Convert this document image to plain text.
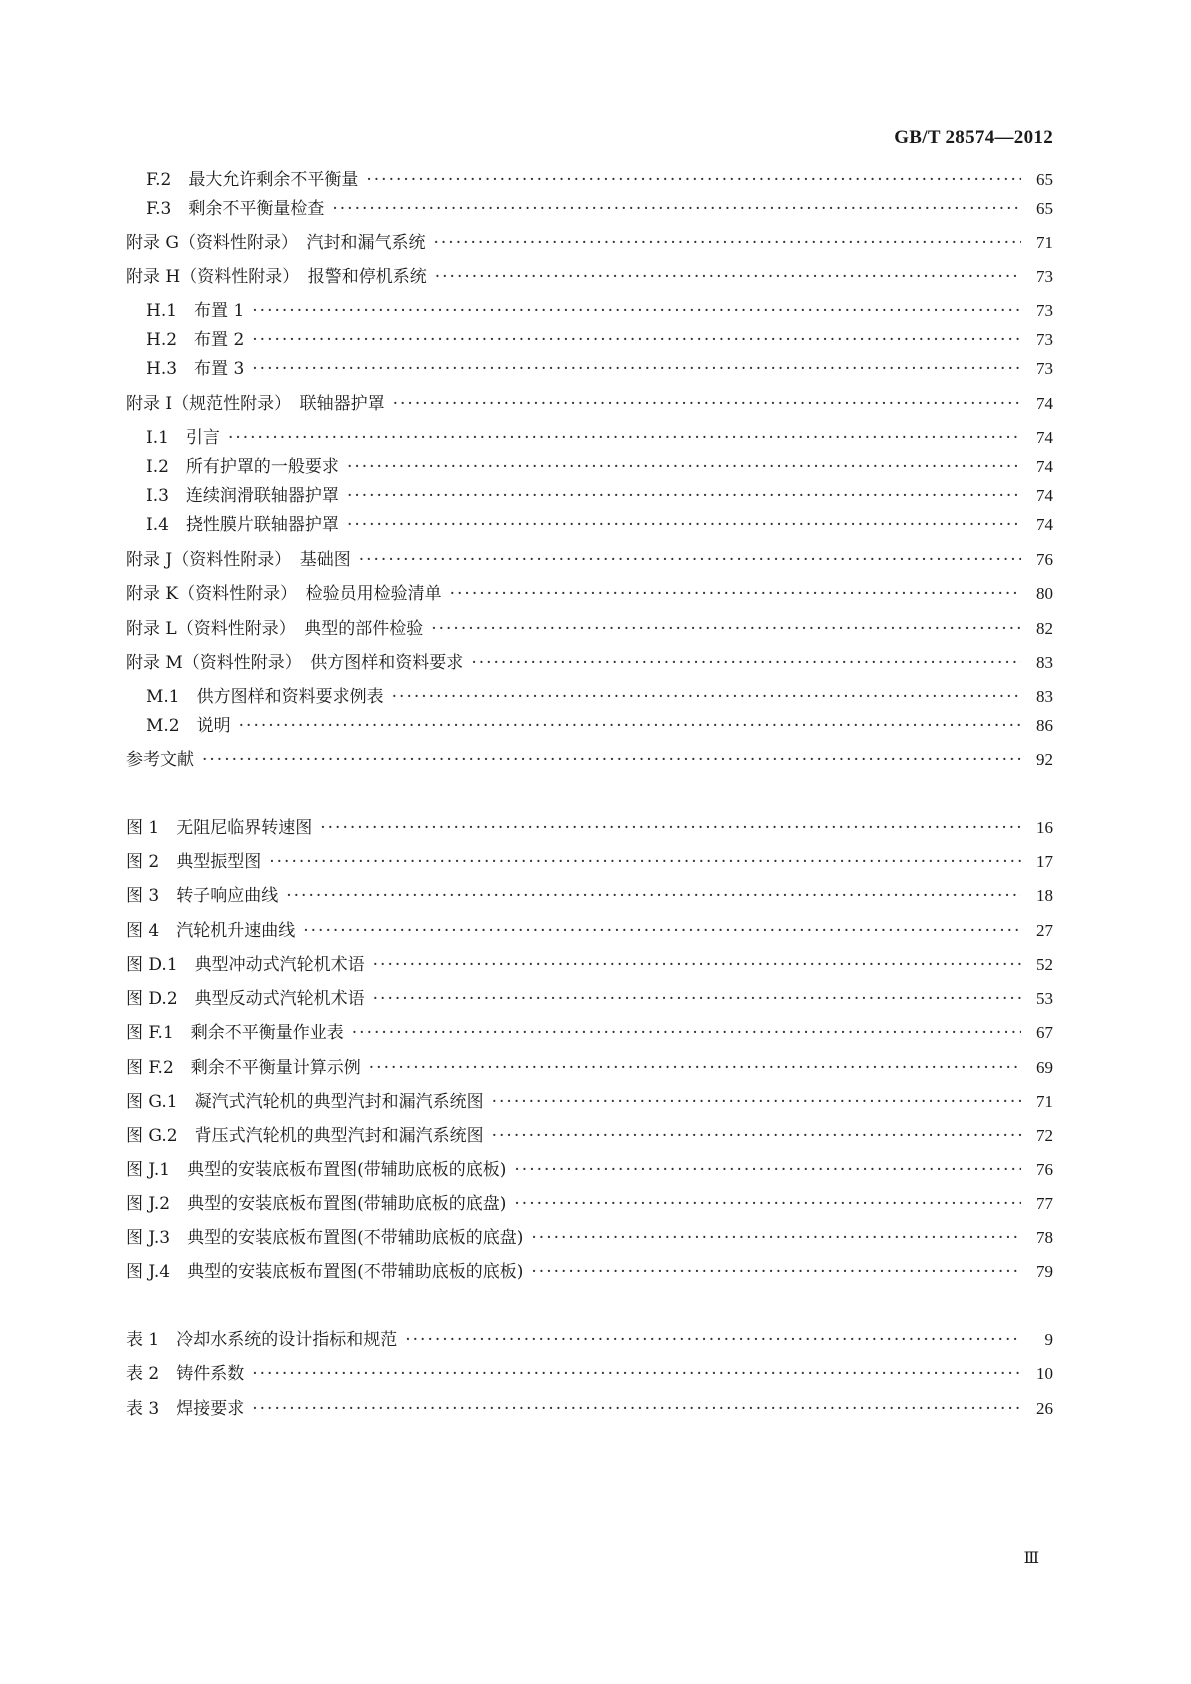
GB/T 28574—2012
F.2　最大允许剩余不平衡量 ·····	65
F.3　剩余不平衡量检查 ·····	65
附录 G（资料性附录）　汽封和漏气系统 ·····	71
附录 H（资料性附录）　报警和停机系统 ·····	73
H.1　布置 1 ·····	73
H.2　布置 2 ·····	73
H.3　布置 3 ·····	73
附录 I（规范性附录）　联轴器护罩 ·····	74
I.1　引言 ·····	74
I.2　所有护罩的一般要求 ·····	74
I.3　连续润滑联轴器护罩 ·····	74
I.4　挠性膜片联轴器护罩 ·····	74
附录 J（资料性附录）　基础图 ·····	76
附录 K（资料性附录）　检验员用检验清单 ·····	80
附录 L（资料性附录）　典型的部件检验 ·····	82
附录 M（资料性附录）　供方图样和资料要求 ·····	83
M.1　供方图样和资料要求例表 ·····	83
M.2　说明 ·····	86
参考文献 ·····	92
图 1　无阻尼临界转速图 ·····	16
图 2　典型振型图 ·····	17
图 3　转子响应曲线 ·····	18
图 4　汽轮机升速曲线 ·····	27
图 D.1　典型冲动式汽轮机术语 ·····	52
图 D.2　典型反动式汽轮机术语 ·····	53
图 F.1　剩余不平衡量作业表 ·····	67
图 F.2　剩余不平衡量计算示例 ·····	69
图 G.1　凝汽式汽轮机的典型汽封和漏汽系统图 ·····	71
图 G.2　背压式汽轮机的典型汽封和漏汽系统图 ·····	72
图 J.1　典型的安装底板布置图(带辅助底板的底板) ·····	76
图 J.2　典型的安装底板布置图(带辅助底板的底盘) ·····	77
图 J.3　典型的安装底板布置图(不带辅助底板的底盘) ·····	78
图 J.4　典型的安装底板布置图(不带辅助底板的底板) ·····	79
表 1　冷却水系统的设计指标和规范 ·····	9
表 2　铸件系数 ·····	10
表 3　焊接要求 ·····	26
Ⅲ
